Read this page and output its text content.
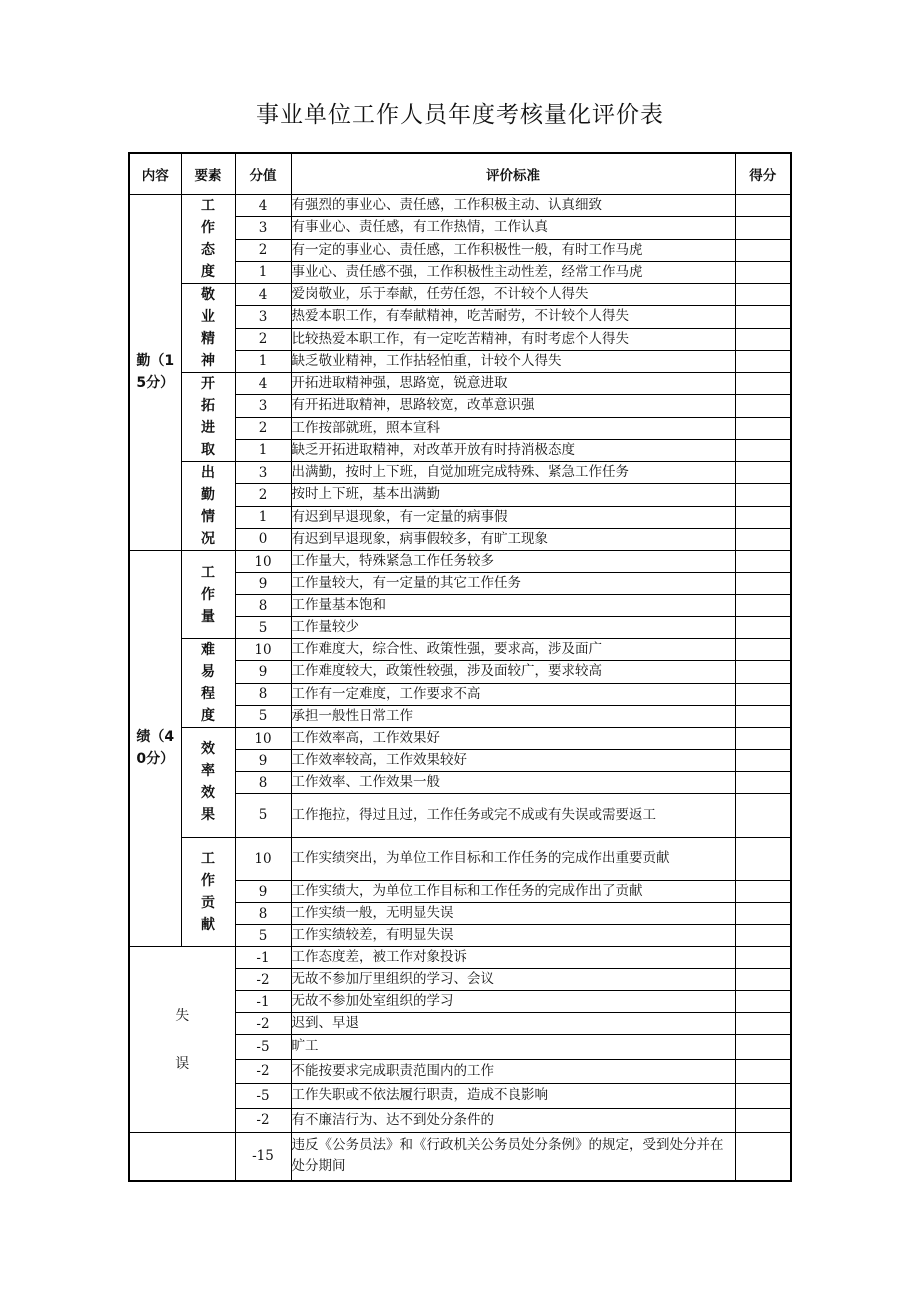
事业单位工作人员年度考核量化评价表
内容	要素	分值	评价标准	得分
勤（15分）	工作态度	4	有强烈的事业心、责任感，工作积极主动、认真细致	
		3	有事业心、责任感，有工作热情，工作认真	
		2	有一定的事业心、责任感，工作积极性一般，有时工作马虎	
		1	事业心、责任感不强，工作积极性主动性差，经常工作马虎	
	敬业精神	4	爱岗敬业，乐于奉献，任劳任怨，不计较个人得失	
		3	热爱本职工作，有奉献精神，吃苦耐劳，不计较个人得失	
		2	比较热爱本职工作，有一定吃苦精神，有时考虑个人得失	
		1	缺乏敬业精神，工作拈轻怕重，计较个人得失	
	开拓进取	4	开拓进取精神强，思路宽，锐意进取	
		3	有开拓进取精神，思路较宽，改革意识强	
		2	工作按部就班，照本宣科	
		1	缺乏开拓进取精神，对改革开放有时持消极态度	
	出勤情况	3	出满勤，按时上下班，自觉加班完成特殊、紧急工作任务	
		2	按时上下班，基本出满勤	
		1	有迟到早退现象，有一定量的病事假	
		0	有迟到早退现象，病事假较多，有旷工现象	
绩（40分）	工作量	10	工作量大，特殊紧急工作任务较多	
		9	工作量较大，有一定量的其它工作任务	
		8	工作量基本饱和	
		5	工作量较少	
	难易程度	10	工作难度大，综合性、政策性强，要求高，涉及面广	
		9	工作难度较大，政策性较强，涉及面较广，要求较高	
		8	工作有一定难度，工作要求不高	
		5	承担一般性日常工作	
	效率效果	10	工作效率高，工作效果好	
		9	工作效率较高，工作效果较好	
		8	工作效率、工作效果一般	
		5	工作拖拉，得过且过，工作任务或完不成或有失误或需要返工	
	工作贡献	10	工作实绩突出，为单位工作目标和工作任务的完成作出重要贡献	
		9	工作实绩大，为单位工作目标和工作任务的完成作出了贡献	
		8	工作实绩一般，无明显失误	
		5	工作实绩较差，有明显失误	
失误		-1	工作态度差，被工作对象投诉	
		-2	无故不参加厅里组织的学习、会议	
		-1	无故不参加处室组织的学习	
		-2	迟到、早退	
		-5	旷工	
		-2	不能按要求完成职责范围内的工作	
		-5	工作失职或不依法履行职责，造成不良影响	
		-2	有不廉洁行为、达不到处分条件的	
		-15	违反《公务员法》和《行政机关公务员处分条例》的规定，受到处分并在处分期间	
